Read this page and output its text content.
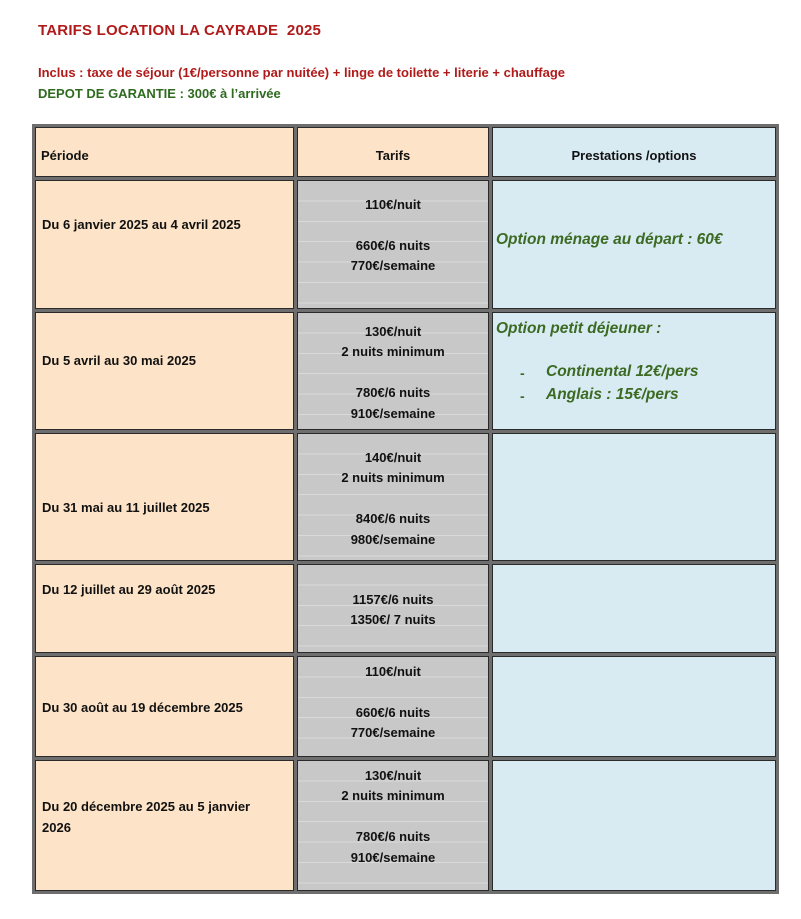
TARIFS LOCATION LA CAYRADE  2025
Inclus : taxe de séjour (1€/personne par nuitée) + linge de toilette + literie + chauffage
DEPOT DE GARANTIE : 300€ à l’arrivée
Période	Tarifs	Prestations /options
Du 6 janvier 2025 au 4 avril 2025
110€/nuit
660€/6 nuits
770€/semaine
Option ménage au départ : 60€
Du 5 avril au 30 mai 2025
130€/nuit
2 nuits minimum
780€/6 nuits
910€/semaine
Option petit déjeuner :
- Continental 12€/pers
- Anglais : 15€/pers
Du 31 mai au 11 juillet 2025
140€/nuit
2 nuits minimum
840€/6 nuits
980€/semaine
Du 12 juillet au 29 août 2025
1157€/6 nuits
1350€/ 7 nuits
Du 30 août au 19 décembre 2025
110€/nuit
660€/6 nuits
770€/semaine
Du 20 décembre 2025 au 5 janvier
2026
130€/nuit
2 nuits minimum
780€/6 nuits
910€/semaine
